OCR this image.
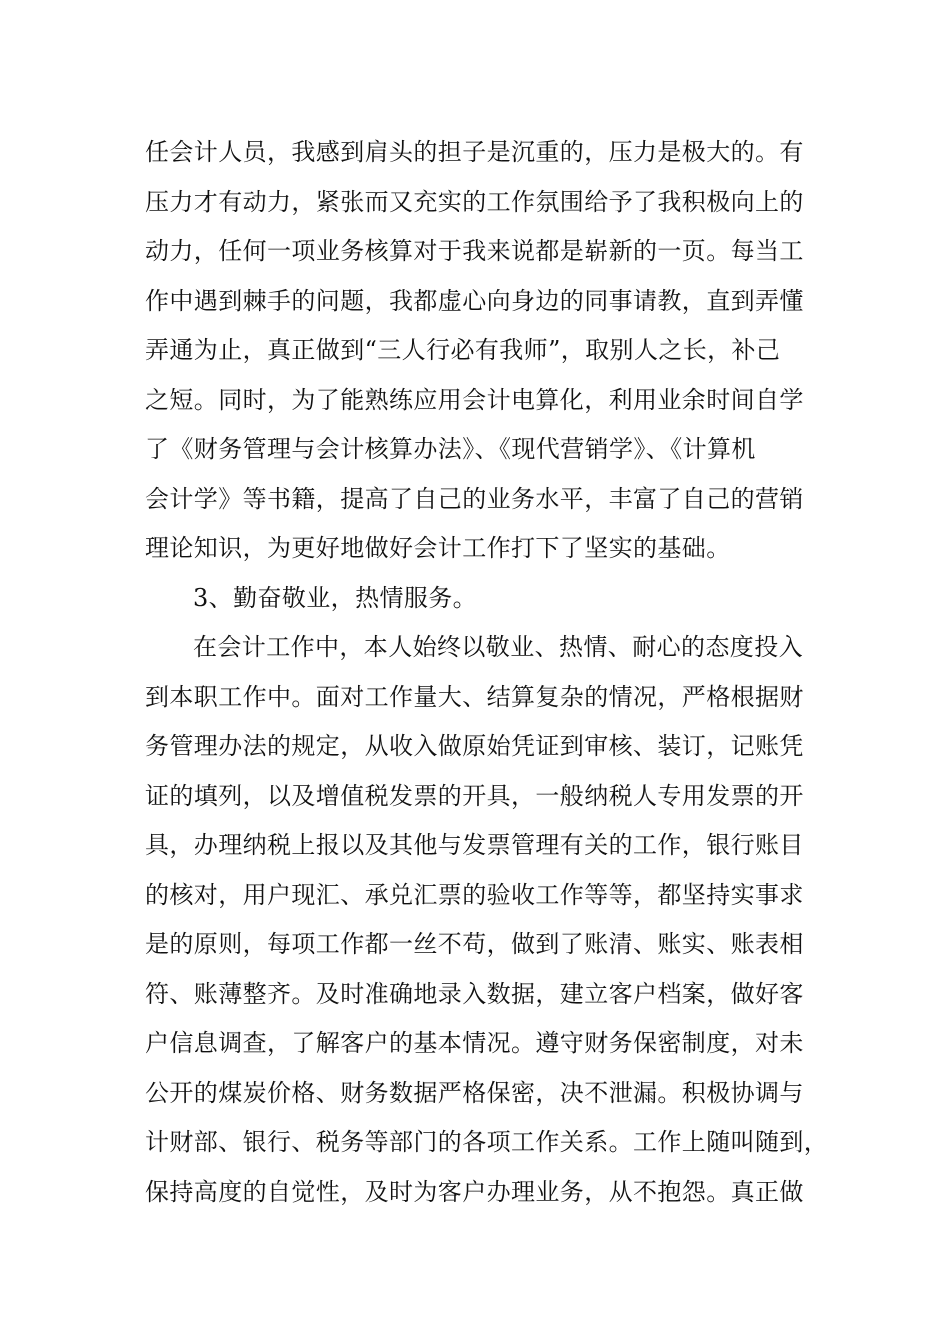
任会计人员，我感到肩头的担子是沉重的，压力是极大的。有
压力才有动力，紧张而又充实的工作氛围给予了我积极向上的
动力，任何一项业务核算对于我来说都是崭新的一页。每当工
作中遇到棘手的问题，我都虚心向身边的同事请教，直到弄懂
弄通为止，真正做到“三人行必有我师”，取别人之长，补己
之短。同时，为了能熟练应用会计电算化，利用业余时间自学
了《财务管理与会计核算办法》、《现代营销学》、《计算机
会计学》等书籍，提高了自己的业务水平，丰富了自己的营销
理论知识，为更好地做好会计工作打下了坚实的基础。
3、勤奋敬业，热情服务。
在会计工作中，本人始终以敬业、热情、耐心的态度投入
到本职工作中。面对工作量大、结算复杂的情况，严格根据财
务管理办法的规定，从收入做原始凭证到审核、装订，记账凭
证的填列，以及增值税发票的开具，一般纳税人专用发票的开
具，办理纳税上报以及其他与发票管理有关的工作，银行账目
的核对，用户现汇、承兑汇票的验收工作等等，都坚持实事求
是的原则，每项工作都一丝不苟，做到了账清、账实、账表相
符、账薄整齐。及时准确地录入数据，建立客户档案，做好客
户信息调查，了解客户的基本情况。遵守财务保密制度，对未
公开的煤炭价格、财务数据严格保密，决不泄漏。积极协调与
计财部、银行、税务等部门的各项工作关系。工作上随叫随到，
保持高度的自觉性，及时为客户办理业务，从不抱怨。真正做
